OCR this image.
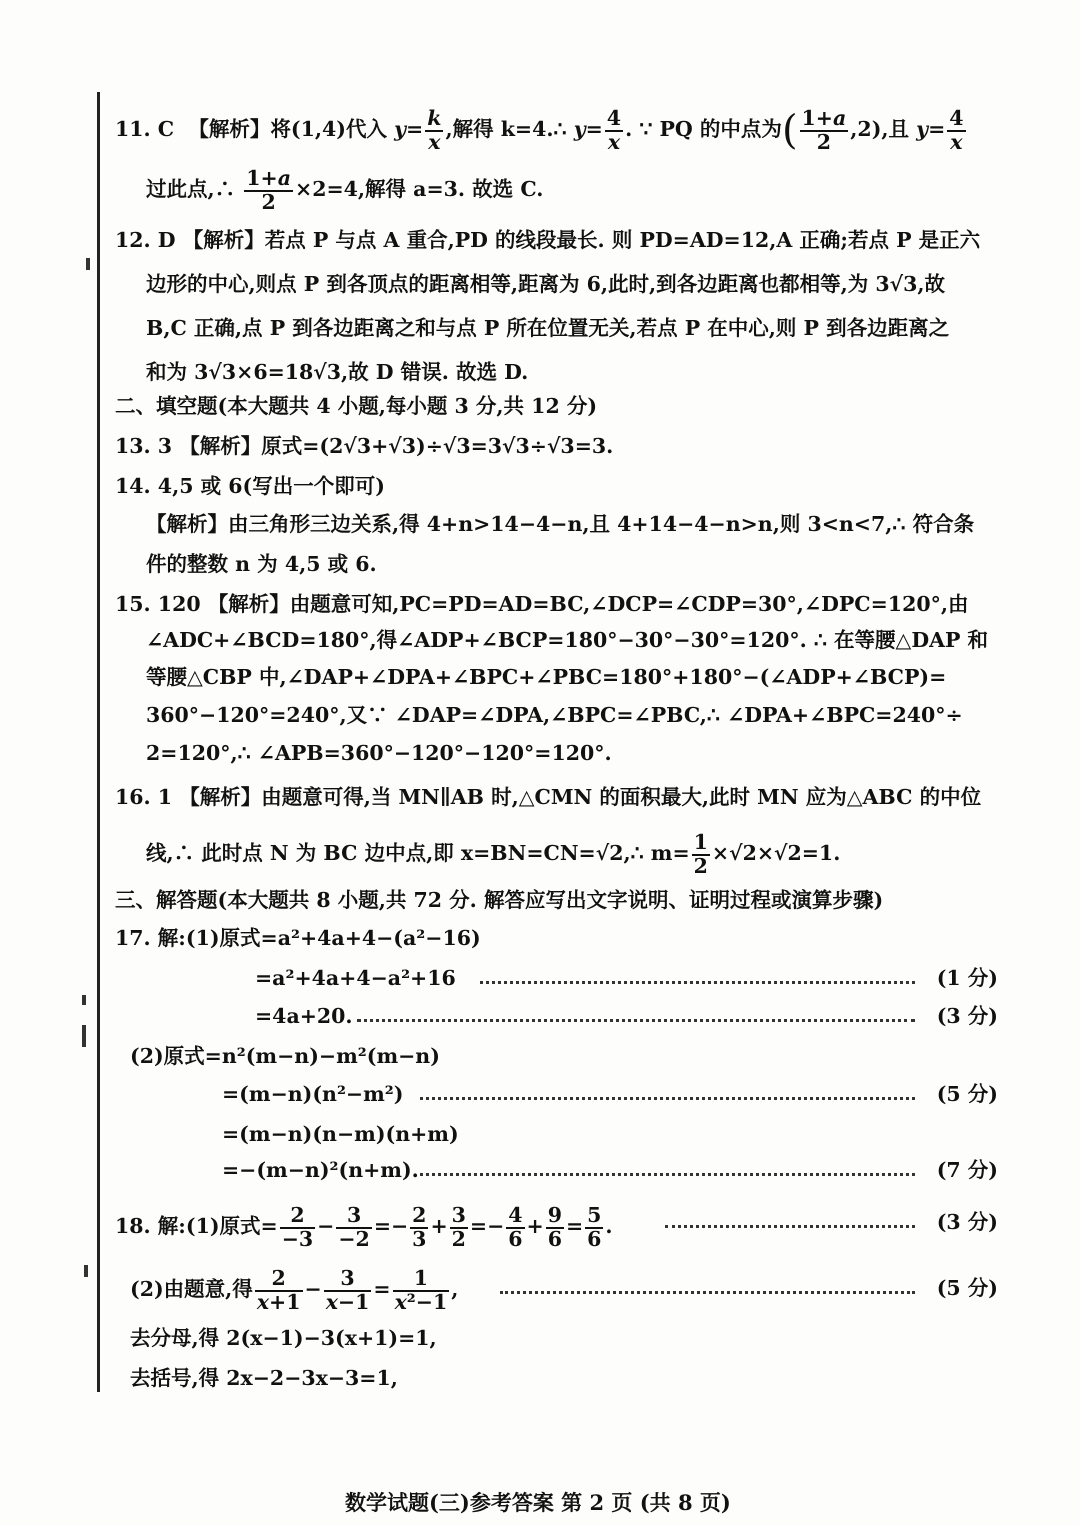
11. C 【解析】将(1,4)代入 $y= \frac{k}{x}$ ,解得 k=4.∴ $y= \frac{4}{x}$ . ∵ PQ 的中点为( $\frac{1+a}{2} ,2$),且 $y= \frac{4}{x}$
过此点,∴ $\frac{1+a}{2} \times 2=4$,解得 a=3. 故选 C.
12. D 【解析】若点 P 与点 A 重合,PD 的线段最长. 则 PD=AD=12,A 正确;若点 P 是正六
边形的中心,则点 P 到各顶点的距离相等,距离为 6,此时,到各边距离也都相等,为 3√3,故
B,C 正确,点 P 到各边距离之和与点 P 所在位置无关,若点 P 在中心,则 P 到各边距离之
和为 3√3×6=18√3,故 D 错误. 故选 D.
二、填空题(本大题共 4 小题,每小题 3 分,共 12 分)
13. 3 【解析】原式=(2√3+√3)÷√3=3√3÷√3=3.
14. 4,5 或 6(写出一个即可)
【解析】由三角形三边关系,得 4+n>14−4−n,且 4+14−4−n>n,则 3<n<7,∴ 符合条
件的整数 n 为 4,5 或 6.
15. 120 【解析】由题意可知,PC=PD=AD=BC,∠DCP=∠CDP=30°,∠DPC=120°,由
∠ADC+∠BCD=180°,得∠ADP+∠BCP=180°−30°−30°=120°. ∴ 在等腰△DAP 和
等腰△CBP 中,∠DAP+∠DPA+∠BPC+∠PBC=180°+180°−(∠ADP+∠BCP)=
360°−120°=240°,又∵ ∠DAP=∠DPA,∠BPC=∠PBC,∴ ∠DPA+∠BPC=240°÷
2=120°,∴ ∠APB=360°−120°−120°=120°.
16. 1 【解析】由题意可得,当 MN∥AB 时,△CMN 的面积最大,此时 MN 应为△ABC 的中位
线,∴ 此时点 N 为 BC 边中点,即 x=BN=CN=√2,∴ $m= \frac{1}{2} \times√2\times√2=1$.
三、解答题(本大题共 8 小题,共 72 分. 解答应写出文字说明、证明过程或演算步骤)
17. 解:(1)原式=a²+4a+4−(a²−16)
=a²+4a+4−a²+16	(1 分)
=4a+20.	(3 分)
(2)原式=n²(m−n)−m²(m−n)
=(m−n)(n²−m²)	(5 分)
=(m−n)(n−m)(n+m)
=−(m−n)²(n+m).	(7 分)
18. 解:(1)原式= $\frac{2}{-3} - \frac{3}{-2} =- \frac{2}{3} + \frac{3}{2} =- \frac{4}{6} + \frac{9}{6} = \frac{5}{6}$ .	(3 分)
(2)由题意,得 $\frac{2}{x+1} - \frac{3}{x-1} = \frac{1}{\text{x²−1}}$ ,	(5 分)
去分母,得 2(x−1)−3(x+1)=1,
去括号,得 2x−2−3x−3=1,
数学试题(三)参考答案 第 2 页 (共 8 页)
